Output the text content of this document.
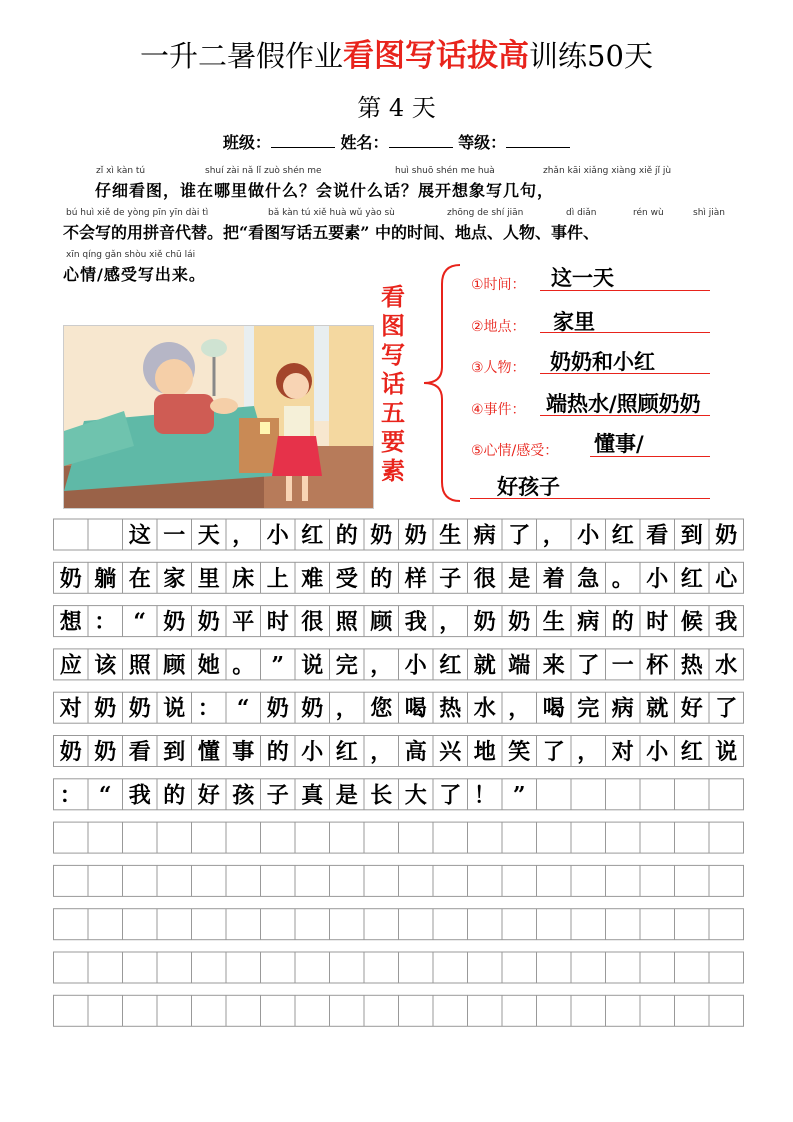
一升二暑假作业看图写话拔高训练50天
第 4 天
班级：	姓名：	等级：
zǐ xì kàn tú	shuí zài nǎ lǐ zuò shén me	huì shuō shén me huà	zhǎn kāi xiǎng xiàng xiě jǐ jù
仔细看图，谁在哪里做什么？会说什么话？展开想象写几句，
bú huì xiě de yòng pīn yīn dài tì	bǎ kàn tú xiě huà wǔ yào sù	zhōng de shí jiān	dì diǎn	rén wù	shì jiàn
不会写的用拼音代替。把“看图写话五要素” 中的时间、地点、人物、事件、
xīn qíng gǎn shòu xiě chū lái
心情/感受写出来。
看
图
写
话
五
要
素
①时间： 这一天
②地点： 家里
③人物： 奶奶和小红
④事件： 端热水/照顾奶奶
⑤心情/感受： 懂事/
好孩子
这 一 天 ， 小 红 的 奶 奶 生 病 了 ， 小 红 看 到 奶
奶 躺 在 家 里 床 上 难 受 的 样 子 很 是 着 急 。 小 红 心
想 ： “ 奶 奶 平 时 很 照 顾 我 ， 奶 奶 生 病 的 时 候 我
应 该 照 顾 她 。 ” 说 完 ， 小 红 就 端 来 了 一 杯 热 水
对 奶 奶 说 ： “ 奶 奶 ， 您 喝 热 水 ， 喝 完 病 就 好 了
奶 奶 看 到 懂 事 的 小 红 ， 高 兴 地 笑 了 ， 对 小 红 说
： “ 我 的 好 孩 子 真 是 长 大 了 ！ ”
